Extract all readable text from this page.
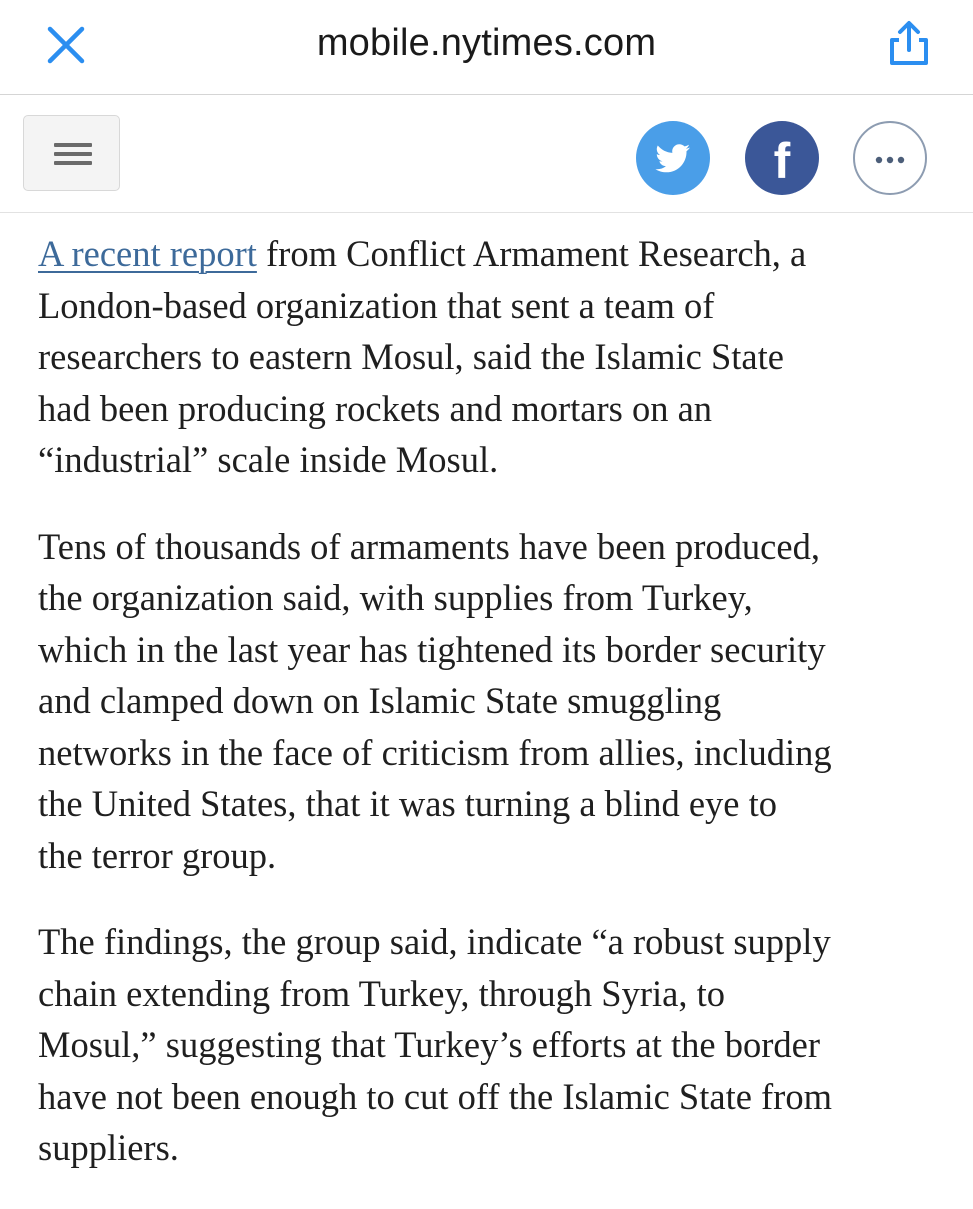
mobile.nytimes.com
f

A recent report from Conflict Armament Research, a
London-based organization that sent a team of
researchers to eastern Mosul, said the Islamic State
had been producing rockets and mortars on an
“industrial” scale inside Mosul.

Tens of thousands of armaments have been produced,
the organization said, with supplies from Turkey,
which in the last year has tightened its border security
and clamped down on Islamic State smuggling
networks in the face of criticism from allies, including
the United States, that it was turning a blind eye to
the terror group.

The findings, the group said, indicate “a robust supply
chain extending from Turkey, through Syria, to
Mosul,” suggesting that Turkey’s efforts at the border
have not been enough to cut off the Islamic State from
suppliers.
